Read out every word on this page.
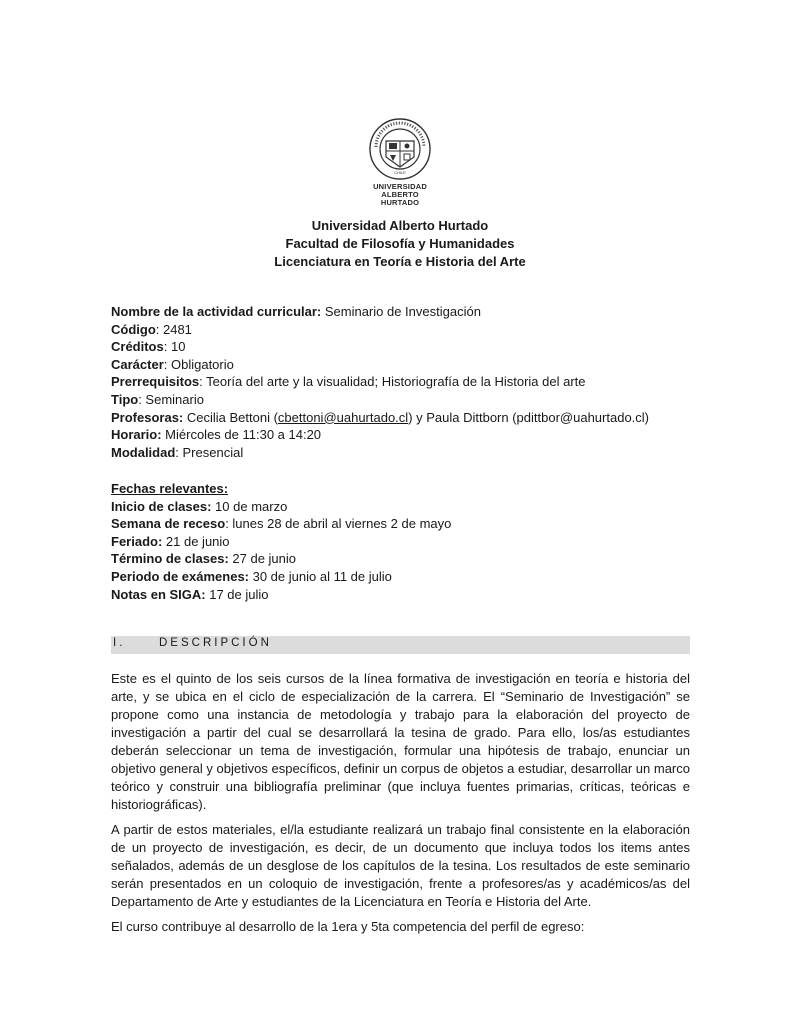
CHILE
UNIVERSIDAD
ALBERTO HURTADO
Universidad Alberto Hurtado
Facultad de Filosofía y Humanidades
Licenciatura en Teoría e Historia del Arte
Nombre de la actividad curricular: Seminario de Investigación
Código: 2481
Créditos: 10
Carácter: Obligatorio
Prerrequisitos: Teoría del arte y la visualidad; Historiografía de la Historia del arte
Tipo: Seminario
Profesoras: Cecilia Bettoni (cbettoni@uahurtado.cl) y Paula Dittborn (pdittbor@uahurtado.cl)
Horario: Miércoles de 11:30 a 14:20
Modalidad: Presencial
Fechas relevantes:
Inicio de clases: 10 de marzo
Semana de receso: lunes 28 de abril al viernes 2 de mayo
Feriado: 21 de junio
Término de clases: 27 de junio
Periodo de exámenes: 30 de junio al 11 de julio
Notas en SIGA: 17 de julio
I.	DESCRIPCIÓN

Este es el quinto de los seis cursos de la línea formativa de investigación en teoría e historia del arte, y se ubica en el ciclo de especialización de la carrera. El “Seminario de Investigación” se propone como una instancia de metodología y trabajo para la elaboración del proyecto de investigación a partir del cual se desarrollará la tesina de grado. Para ello, los/as estudiantes deberán seleccionar un tema de investigación, formular una hipótesis de trabajo, enunciar un objetivo general y objetivos específicos, definir un corpus de objetos a estudiar, desarrollar un marco teórico y construir una bibliografía preliminar (que incluya fuentes primarias, críticas, teóricas e historiográficas).

A partir de estos materiales, el/la estudiante realizará un trabajo final consistente en la elaboración de un proyecto de investigación, es decir, de un documento que incluya todos los items antes señalados, además de un desglose de los capítulos de la tesina. Los resultados de este seminario serán presentados en un coloquio de investigación, frente a profesores/as y académicos/as del Departamento de Arte y estudiantes de la Licenciatura en Teoría e Historia del Arte.

El curso contribuye al desarrollo de la 1era y 5ta competencia del perfil de egreso:
